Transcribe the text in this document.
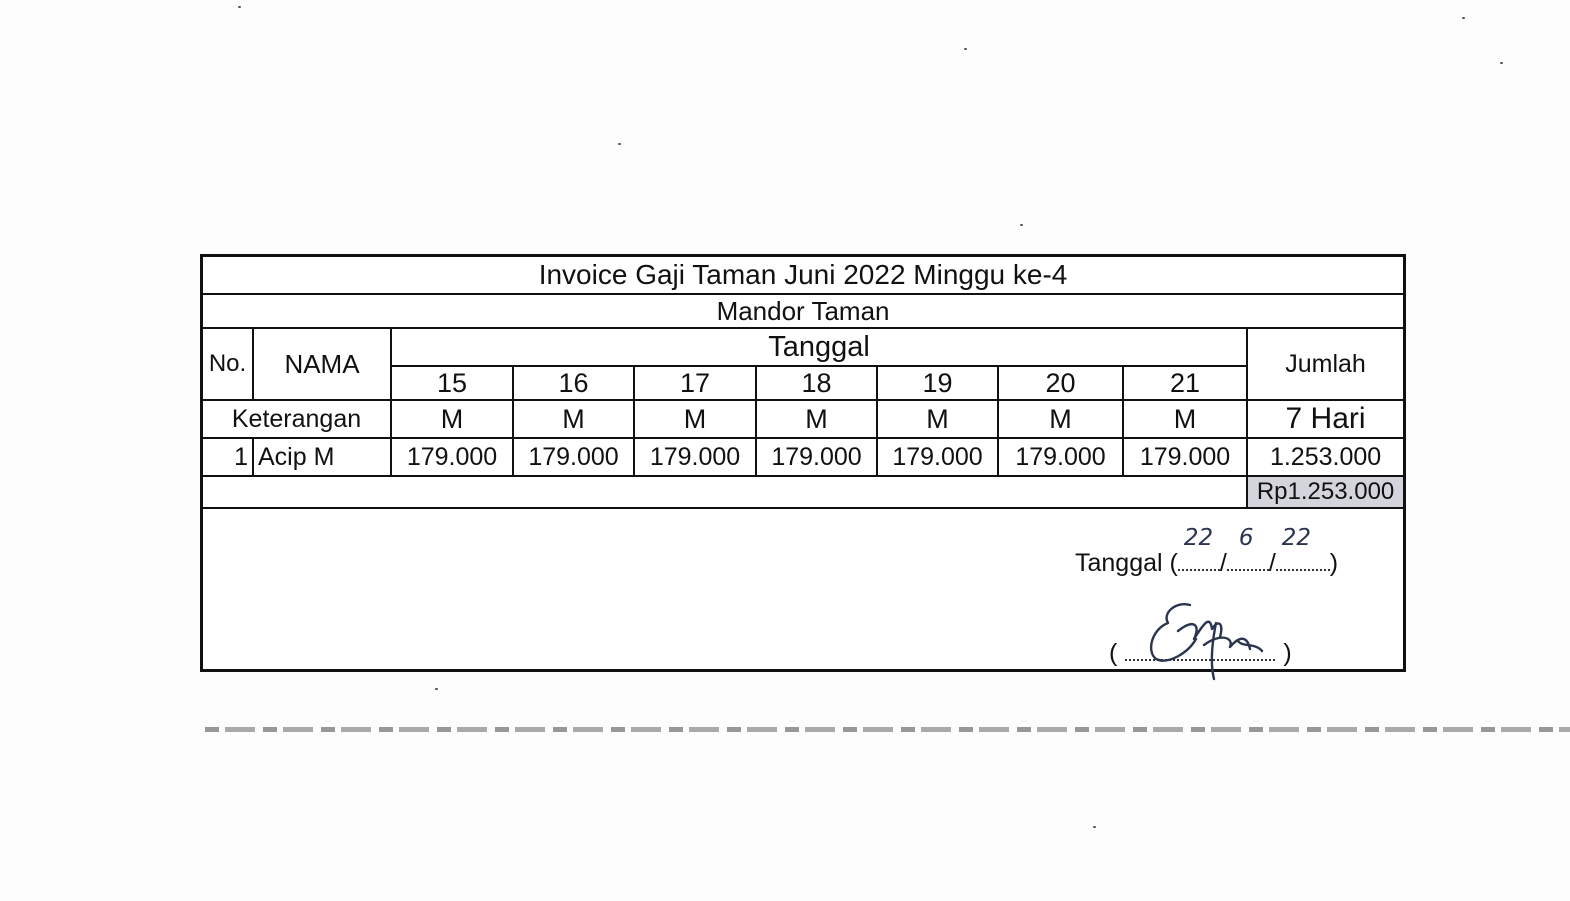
Invoice Gaji Taman Juni 2022 Minggu ke-4									
Mandor Taman									
No.	NAMA	Tanggal							Jumlah
		15	16	17	18	19	20	21	
Keterangan		M	M	M	M	M	M	M	7 Hari
1	Acip M	179.000	179.000	179.000	179.000	179.000	179.000	179.000	1.253.000
									Rp1.253.000
Tanggal (
22
/
6
/
22
)
(	)
